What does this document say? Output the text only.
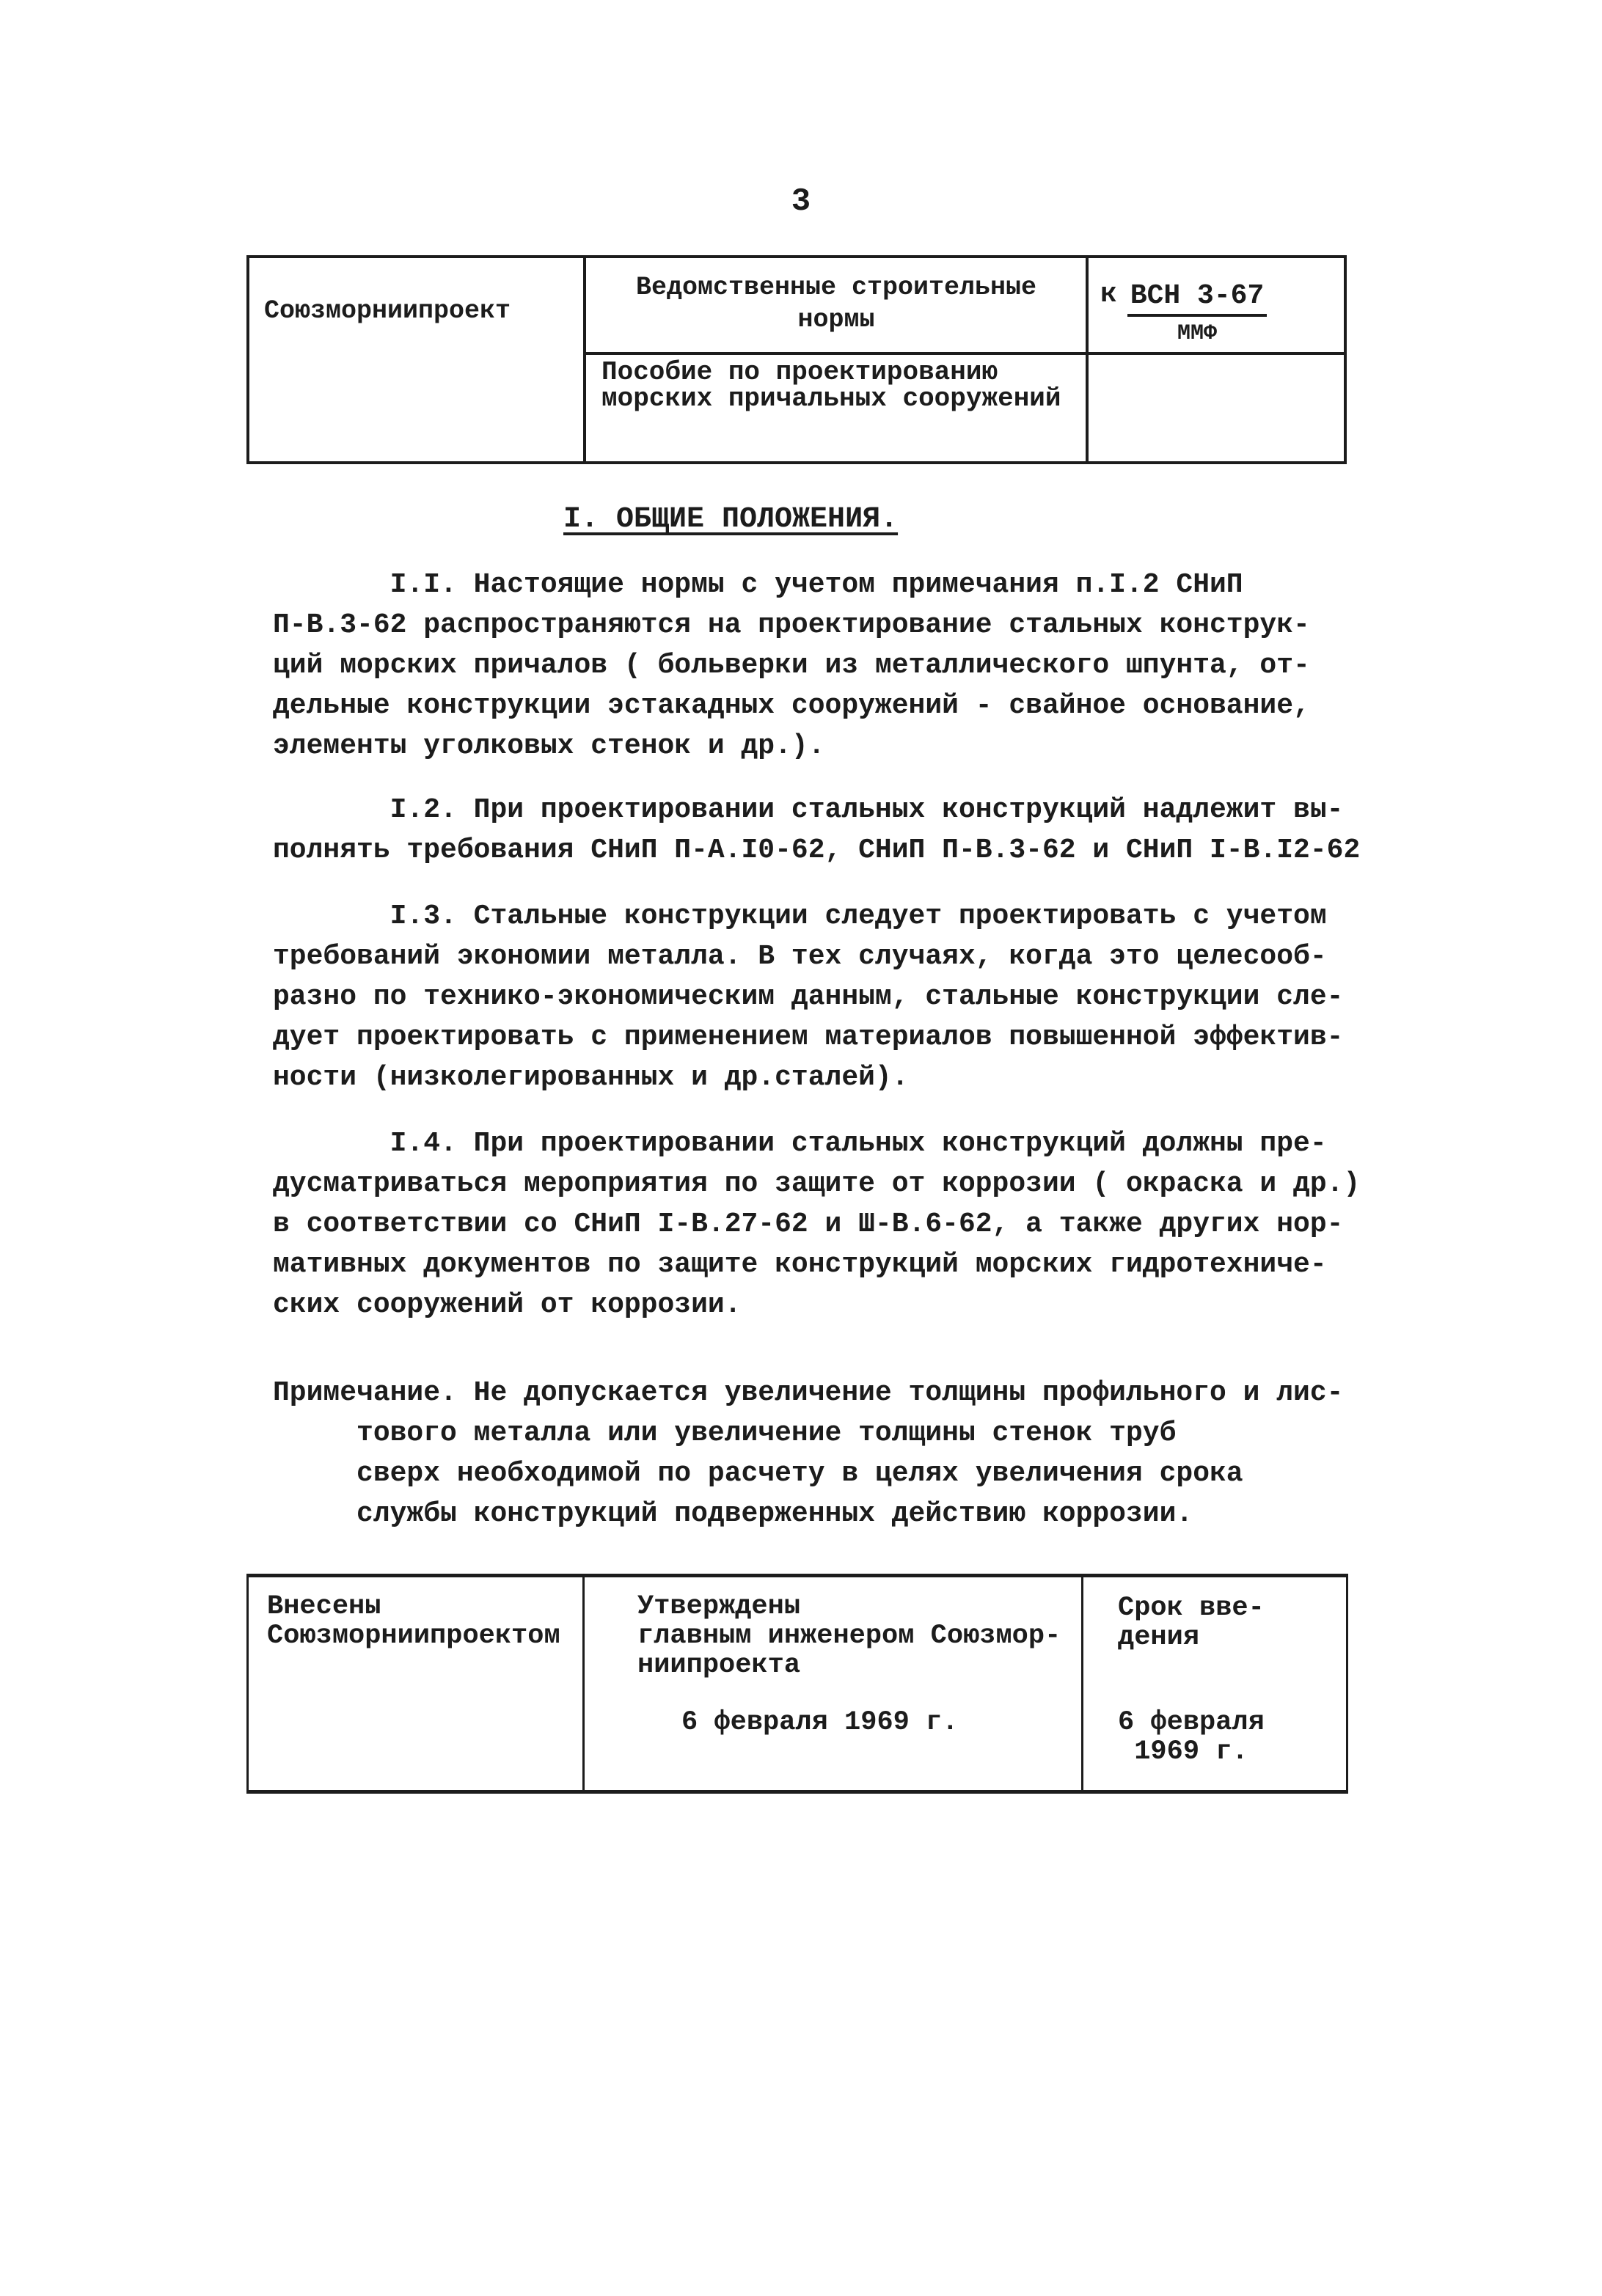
3
Союзморниипроект
Ведомственные строительные нормы
к $\frac{\text{ВСН 3-67}}{\text{ММФ}}$
Пособие по проектированию морских причальных сооружений
I. ОБЩИЕ ПОЛОЖЕНИЯ.
I.I. Настоящие нормы с учетом примечания п.I.2 СНиП
П-В.3-62 распространяются на проектирование стальных конструк-
ций морских причалов ( больверки из металлического шпунта, от-
дельные конструкции эстакадных сооружений - свайное основание,
элементы уголковых стенок и др.).
I.2. При проектировании стальных конструкций надлежит вы-
полнять требования СНиП П-А.I0-62, СНиП П-В.3-62 и СНиП I-В.I2-62
I.3. Стальные конструкции следует проектировать с учетом
требований экономии металла. В тех случаях, когда это целесооб-
разно по технико-экономическим данным, стальные конструкции сле-
дует проектировать с применением материалов повышенной эффектив-
ности (низколегированных и др.сталей).
I.4. При проектировании стальных конструкций должны пре-
дусматриваться мероприятия по защите от коррозии ( окраска и др.)
в соответствии со СНиП I-В.27-62 и Ш-В.6-62, а также других нор-
мативных документов по защите конструкций морских гидротехниче-
ских сооружений от коррозии.
Примечание. Не допускается увеличение толщины профильного и лис-
тового металла или увеличение толщины стенок труб
сверх необходимой по расчету в целях увеличения срока
службы конструкций подверженных действию коррозии.
Внесены
Союзморниипроектом
Утверждены
главным инженером Союзмор-
ниипроекта
6 февраля 1969 г.
Срок вве-
дения
6 февраля
1969 г.
